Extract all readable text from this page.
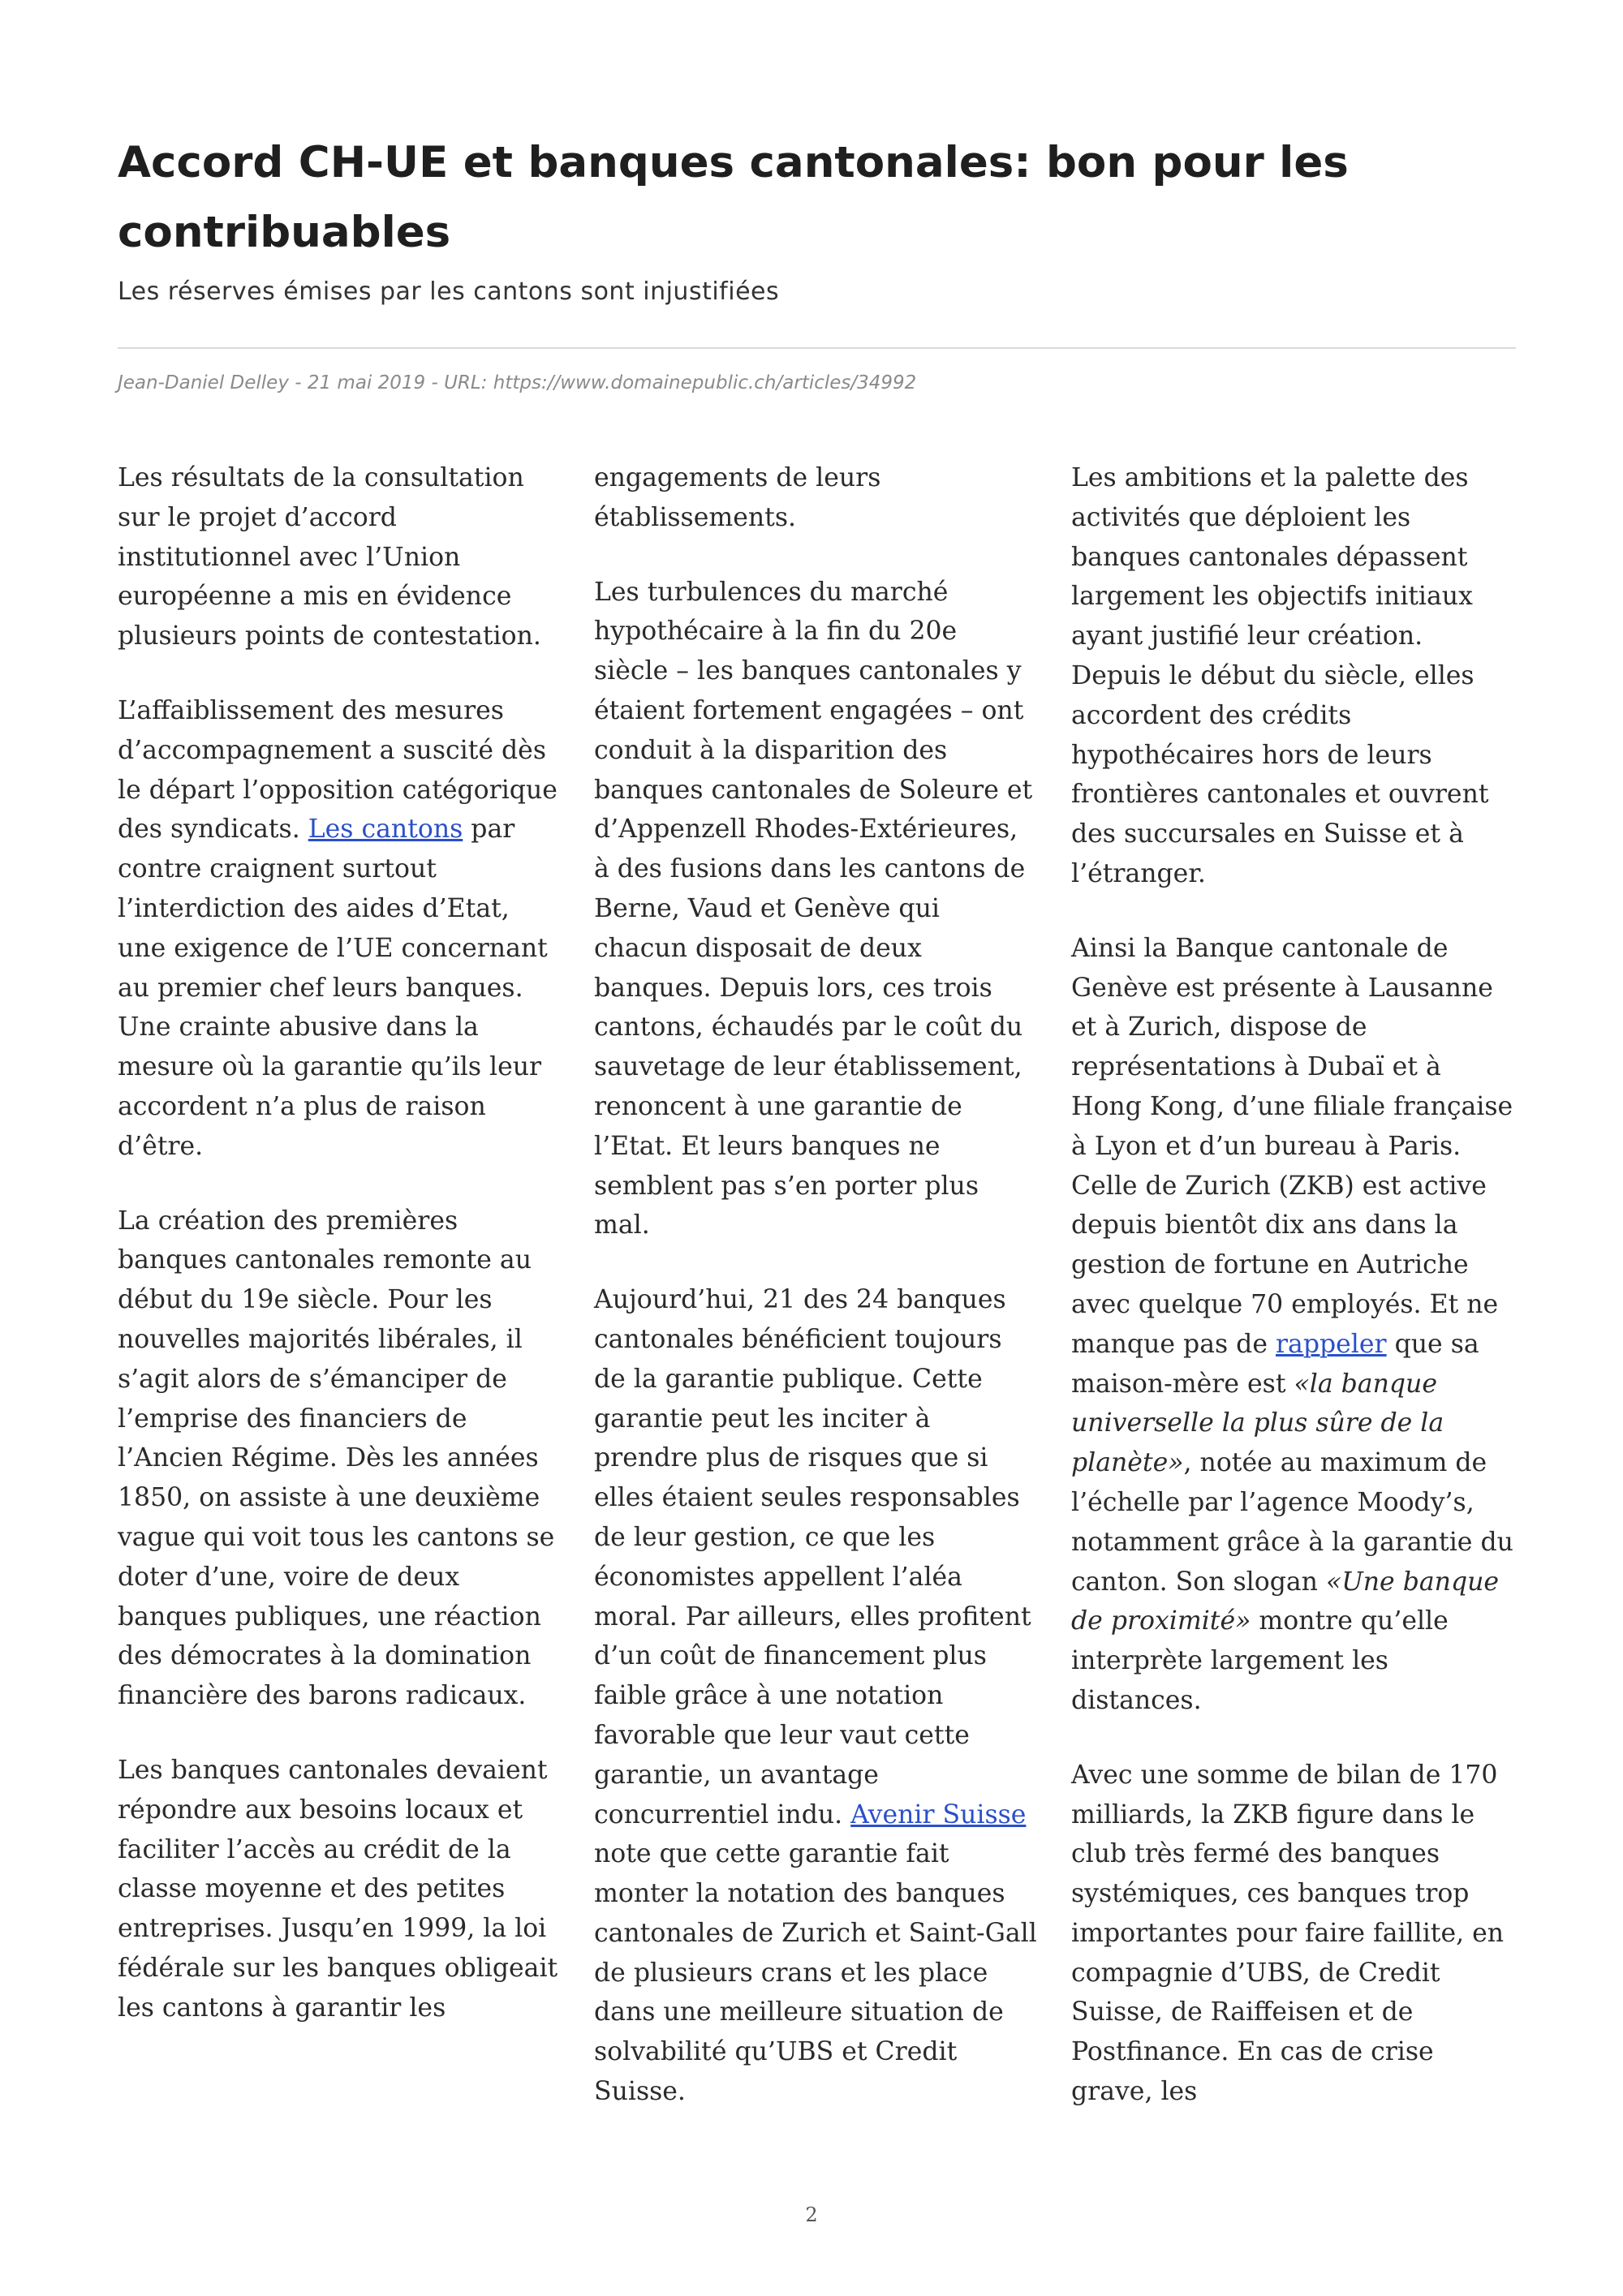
Accord CH-UE et banques cantonales: bon pour les contribuables

Les réserves émises par les cantons sont injustifiées

Jean-Daniel Delley - 21 mai 2019 - URL: https://www.domainepublic.ch/articles/34992

Les résultats de la consultation sur le projet d’accord institutionnel avec l’Union européenne a mis en évidence plusieurs points de contestation.

L’affaiblissement des mesures d’accompagnement a suscité dès le départ l’opposition catégorique des syndicats. Les cantons par contre craignent surtout l’interdiction des aides d’Etat, une exigence de l’UE concernant au premier chef leurs banques. Une crainte abusive dans la mesure où la garantie qu’ils leur accordent n’a plus de raison d’être.

La création des premières banques cantonales remonte au début du 19e siècle. Pour les nouvelles majorités libérales, il s’agit alors de s’émanciper de l’emprise des financiers de l’Ancien Régime. Dès les années 1850, on assiste à une deuxième vague qui voit tous les cantons se doter d’une, voire de deux banques publiques, une réaction des démocrates à la domination financière des barons radicaux.

Les banques cantonales devaient répondre aux besoins locaux et faciliter l’accès au crédit de la classe moyenne et des petites entreprises. Jusqu’en 1999, la loi fédérale sur les banques obligeait les cantons à garantir les

engagements de leurs établissements.

Les turbulences du marché hypothécaire à la fin du 20e siècle – les banques cantonales y étaient fortement engagées – ont conduit à la disparition des banques cantonales de Soleure et d’Appenzell Rhodes-Extérieures, à des fusions dans les cantons de Berne, Vaud et Genève qui chacun disposait de deux banques. Depuis lors, ces trois cantons, échaudés par le coût du sauvetage de leur établissement, renoncent à une garantie de l’Etat. Et leurs banques ne semblent pas s’en porter plus mal.

Aujourd’hui, 21 des 24 banques cantonales bénéficient toujours de la garantie publique. Cette garantie peut les inciter à prendre plus de risques que si elles étaient seules responsables de leur gestion, ce que les économistes appellent l’aléa moral. Par ailleurs, elles profitent d’un coût de financement plus faible grâce à une notation favorable que leur vaut cette garantie, un avantage concurrentiel indu. Avenir Suisse note que cette garantie fait monter la notation des banques cantonales de Zurich et Saint-Gall de plusieurs crans et les place dans une meilleure situation de solvabilité qu’UBS et Credit Suisse.

Les ambitions et la palette des activités que déploient les banques cantonales dépassent largement les objectifs initiaux ayant justifié leur création. Depuis le début du siècle, elles accordent des crédits hypothécaires hors de leurs frontières cantonales et ouvrent des succursales en Suisse et à l’étranger.

Ainsi la Banque cantonale de Genève est présente à Lausanne et à Zurich, dispose de représentations à Dubaï et à Hong Kong, d’une filiale française à Lyon et d’un bureau à Paris. Celle de Zurich (ZKB) est active depuis bientôt dix ans dans la gestion de fortune en Autriche avec quelque 70 employés. Et ne manque pas de rappeler que sa maison-mère est «la banque universelle la plus sûre de la planète», notée au maximum de l’échelle par l’agence Moody’s, notamment grâce à la garantie du canton. Son slogan «Une banque de proximité» montre qu’elle interprète largement les distances.

Avec une somme de bilan de 170 milliards, la ZKB figure dans le club très fermé des banques systémiques, ces banques trop importantes pour faire faillite, en compagnie d’UBS, de Credit Suisse, de Raiffeisen et de Postfinance. En cas de crise grave, les

2
